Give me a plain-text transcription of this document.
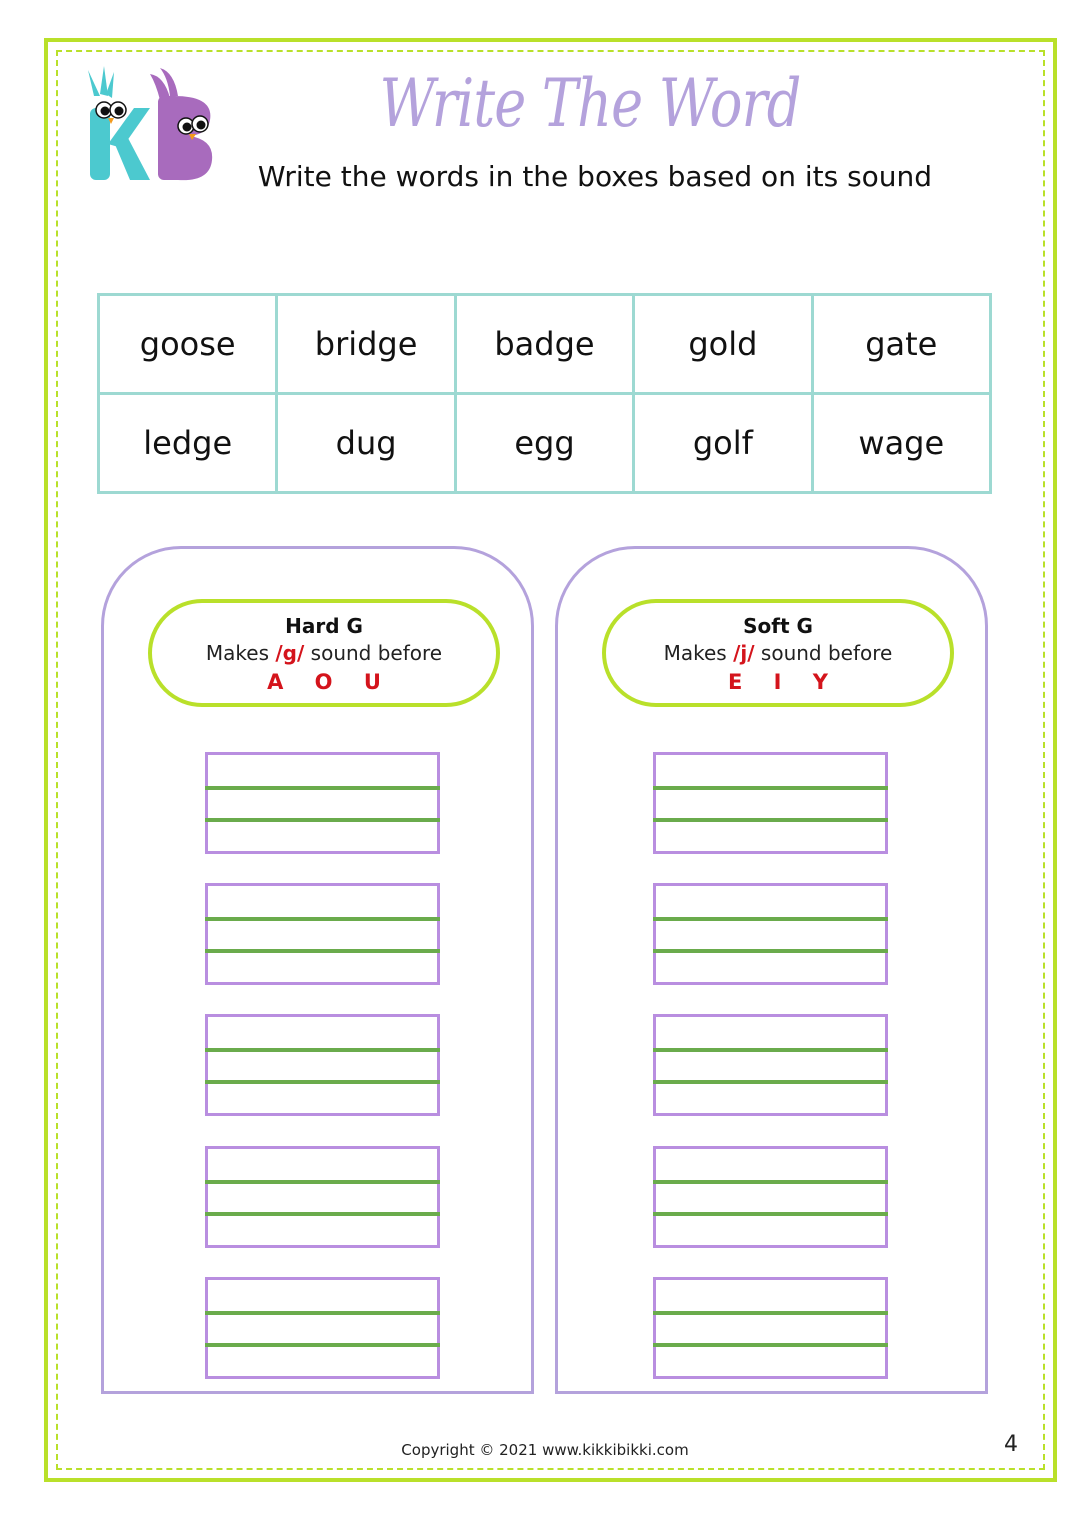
Write The Word
Write the words in the boxes based on its sound
goose	bridge	badge	gold	gate
ledge	dug	egg	golf	wage
Hard G
Makes /g/ sound before
A O U
Soft G
Makes /j/ sound before
E I Y
Copyright © 2021 www.kikkibikki.com	4
